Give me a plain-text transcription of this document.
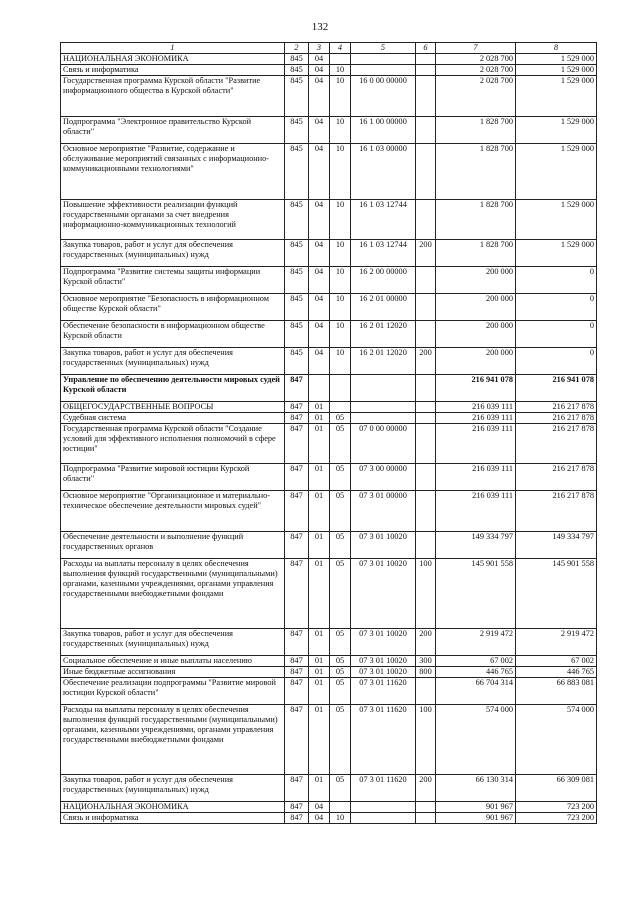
132
1	2	3	4	5	6	7	8
НАЦИОНАЛЬНАЯ ЭКОНОМИКА	845	04				2 028 700	1 529 000
Связь и информатика	845	04	10			2 028 700	1 529 000
Государственная программа Курской области "Развитие информационного общества в Курской области"	845	04	10	16 0 00 00000		2 028 700	1 529 000
Подпрограмма "Электронное правительство Курской области"	845	04	10	16 1 00 00000		1 828 700	1 529 000
Основное мероприятие "Развитие, содержание и обслуживание мероприятий связанных с информационно-коммуникационными технологиями"	845	04	10	16 1 03 00000		1 828 700	1 529 000
Повышение эффективности реализации функций государственными органами за счет внедрения информационно-коммуникационных технологий	845	04	10	16 1 03 12744		1 828 700	1 529 000
Закупка товаров, работ и услуг для обеспечения государственных (муниципальных) нужд	845	04	10	16 1 03 12744	200	1 828 700	1 529 000
Подпрограмма "Развитие системы защиты информации Курской области"	845	04	10	16 2 00 00000		200 000	0
Основное мероприятие "Безопасность в информационном обществе Курской области"	845	04	10	16 2 01 00000		200 000	0
Обеспечение безопасности в информационном обществе Курской области	845	04	10	16 2 01 12020		200 000	0
Закупка товаров, работ и услуг для обеспечения государственных (муниципальных) нужд	845	04	10	16 2 01 12020	200	200 000	0
Управление по обеспечению деятельности мировых судей Курской области	847					216 941 078	216 941 078
ОБЩЕГОСУДАРСТВЕННЫЕ ВОПРОСЫ	847	01				216 039 111	216 217 878
Судебная система	847	01	05			216 039 111	216 217 878
Государственная программа Курской области "Создание условий для эффективного исполнения полномочий в сфере юстиции"	847	01	05	07 0 00 00000		216 039 111	216 217 878
Подпрограмма "Развитие мировой юстиции Курской области"	847	01	05	07 3 00 00000		216 039 111	216 217 878
Основное мероприятие "Организационное и материально-техническое обеспечение деятельности мировых судей"	847	01	05	07 3 01 00000		216 039 111	216 217 878
Обеспечение деятельности и выполнение функций государственных органов	847	01	05	07 3 01 10020		149 334 797	149 334 797
Расходы на выплаты персоналу в целях обеспечения выполнения функций государственными (муниципальными) органами, казенными учреждениями, органами управления государственными внебюджетными фондами	847	01	05	07 3 01 10020	100	145 901 558	145 901 558
Закупка товаров, работ и услуг для обеспечения государственных (муниципальных) нужд	847	01	05	07 3 01 10020	200	2 919 472	2 919 472
Социальное обеспечение и иные выплаты населению	847	01	05	07 3 01 10020	300	67 002	67 002
Иные бюджетные ассигнования	847	01	05	07 3 01 10020	800	446 765	446 765
Обеспечение реализации подпрограммы "Развитие мировой юстиции Курской области"	847	01	05	07 3 01 11620		66 704 314	66 883 081
Расходы на выплаты персоналу в целях обеспечения выполнения функций государственными (муниципальными) органами, казенными учреждениями, органами управления государственными внебюджетными фондами	847	01	05	07 3 01 11620	100	574 000	574 000
Закупка товаров, работ и услуг для обеспечения государственных (муниципальных) нужд	847	01	05	07 3 01 11620	200	66 130 314	66 309 081
НАЦИОНАЛЬНАЯ ЭКОНОМИКА	847	04				901 967	723 200
Связь и информатика	847	04	10			901 967	723 200
